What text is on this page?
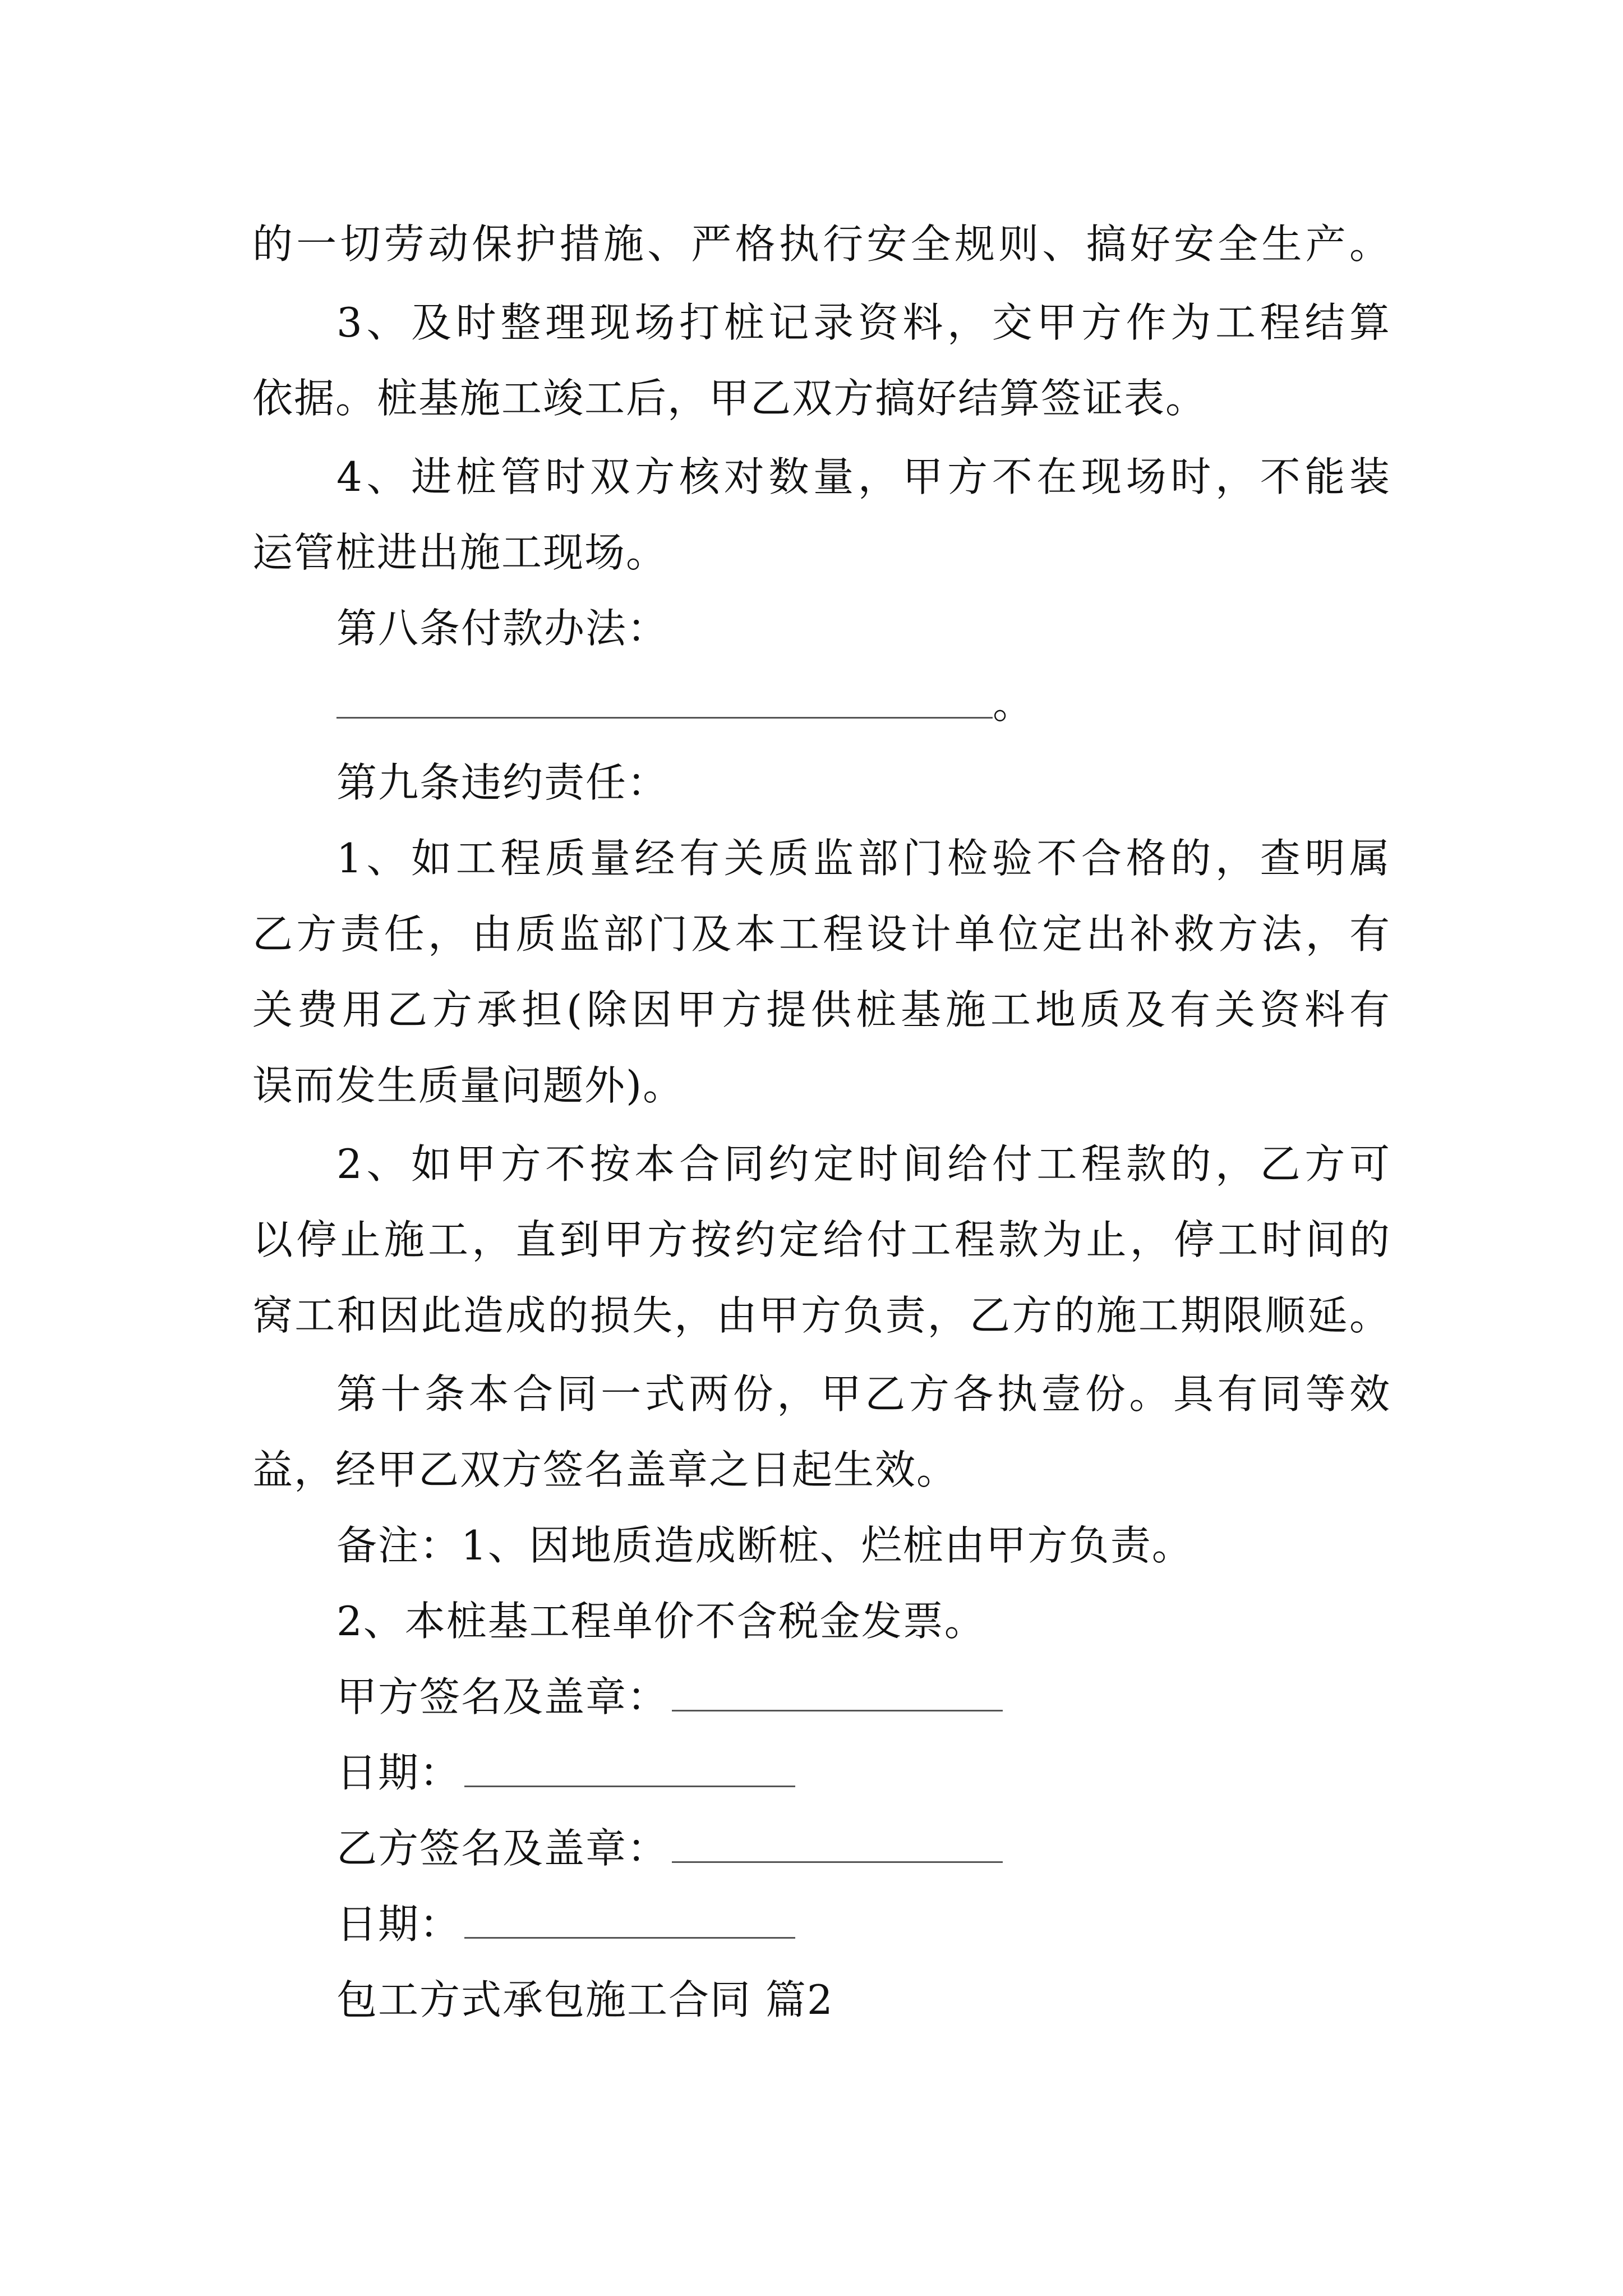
的一切劳动保护措施、严格执行安全规则、搞好安全生产。
3、及时整理现场打桩记录资料，交甲方作为工程结算
依据。桩基施工竣工后，甲乙双方搞好结算签证表。
4、进桩管时双方核对数量，甲方不在现场时，不能装
运管桩进出施工现场。
第八条付款办法：
。
第九条违约责任：
1、如工程质量经有关质监部门检验不合格的，查明属
乙方责任，由质监部门及本工程设计单位定出补救方法，有
关费用乙方承担(除因甲方提供桩基施工地质及有关资料有
误而发生质量问题外)。
2、如甲方不按本合同约定时间给付工程款的，乙方可
以停止施工，直到甲方按约定给付工程款为止，停工时间的
窝工和因此造成的损失，由甲方负责，乙方的施工期限顺延。
第十条本合同一式两份，甲乙方各执壹份。具有同等效
益，经甲乙双方签名盖章之日起生效。
备注：1、因地质造成断桩、烂桩由甲方负责。
2、本桩基工程单价不含税金发票。
甲方签名及盖章：
日期：
乙方签名及盖章：
日期：
包工方式承包施工合同 篇2
